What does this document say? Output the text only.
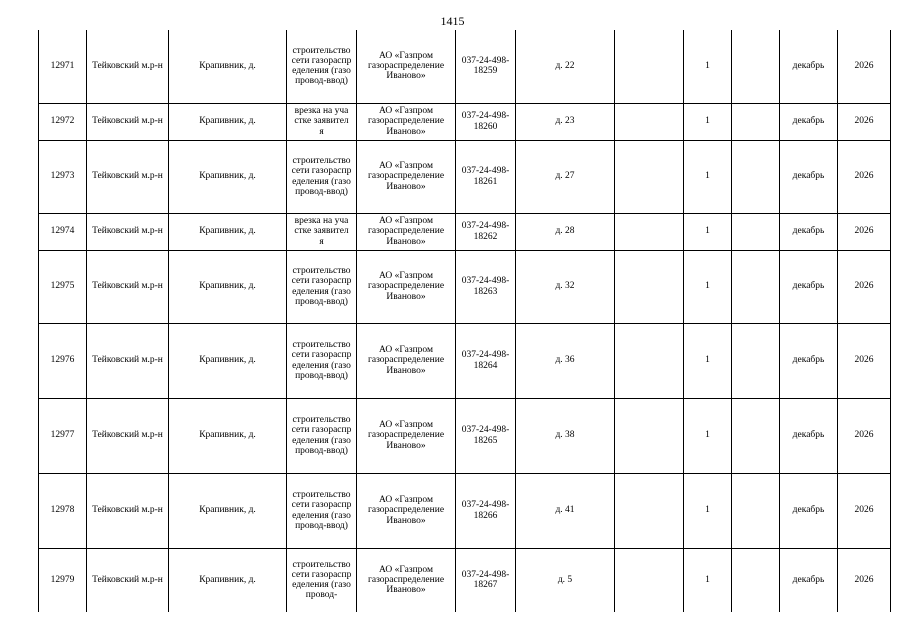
1415
12971	Тейковский м.р-н	Крапивник, д.	строительство сети газораспределения (газопровод-ввод)	АО «Газпром газораспределение Иваново»	037-24-498-18259	д. 22		1		декабрь	2026
12972	Тейковский м.р-н	Крапивник, д.	врезка на участке заявителя	АО «Газпром газораспределение Иваново»	037-24-498-18260	д. 23		1		декабрь	2026
12973	Тейковский м.р-н	Крапивник, д.	строительство сети газораспределения (газопровод-ввод)	АО «Газпром газораспределение Иваново»	037-24-498-18261	д. 27		1		декабрь	2026
12974	Тейковский м.р-н	Крапивник, д.	врезка на участке заявителя	АО «Газпром газораспределение Иваново»	037-24-498-18262	д. 28		1		декабрь	2026
12975	Тейковский м.р-н	Крапивник, д.	строительство сети газораспределения (газопровод-ввод)	АО «Газпром газораспределение Иваново»	037-24-498-18263	д. 32		1		декабрь	2026
12976	Тейковский м.р-н	Крапивник, д.	строительство сети газораспределения (газопровод-ввод)	АО «Газпром газораспределение Иваново»	037-24-498-18264	д. 36		1		декабрь	2026
12977	Тейковский м.р-н	Крапивник, д.	строительство сети газораспределения (газопровод-ввод)	АО «Газпром газораспределение Иваново»	037-24-498-18265	д. 38		1		декабрь	2026
12978	Тейковский м.р-н	Крапивник, д.	строительство сети газораспределения (газопровод-ввод)	АО «Газпром газораспределение Иваново»	037-24-498-18266	д. 41		1		декабрь	2026
12979	Тейковский м.р-н	Крапивник, д.	строительство сети газораспределения (газопровод-	АО «Газпром газораспределение Иваново»	037-24-498-18267	д. 5		1		декабрь	2026
